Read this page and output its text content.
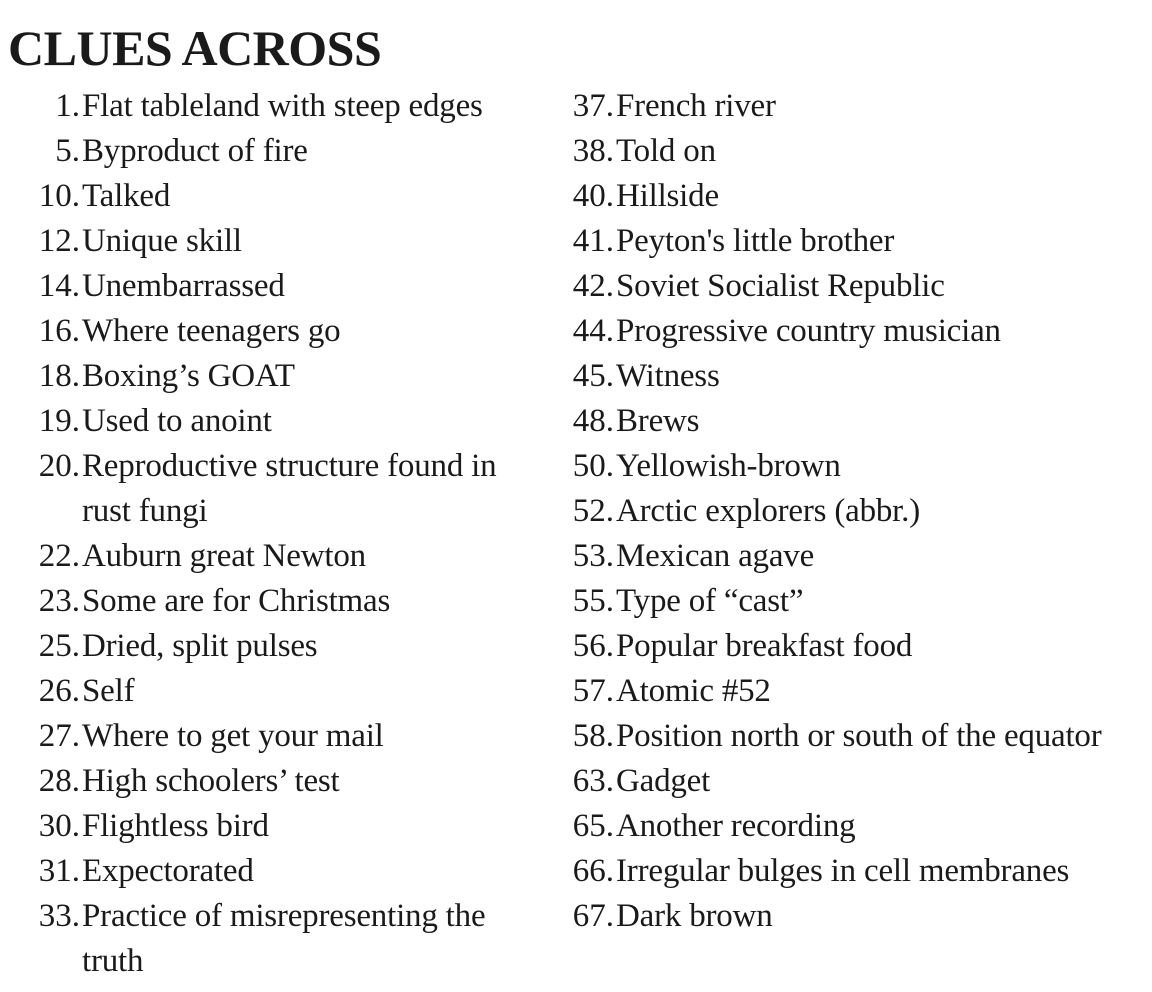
CLUES ACROSS
1. Flat tableland with steep edges
5. Byproduct of fire
10. Talked
12. Unique skill
14. Unembarrassed
16. Where teenagers go
18. Boxing’s GOAT
19. Used to anoint
20. Reproductive structure found in rust fungi
22. Auburn great Newton
23. Some are for Christmas
25. Dried, split pulses
26. Self
27. Where to get your mail
28. High schoolers’ test
30. Flightless bird
31. Expectorated
33. Practice of misrepresenting the truth
37. French river
38. Told on
40. Hillside
41. Peyton's little brother
42. Soviet Socialist Republic
44. Progressive country musician
45. Witness
48. Brews
50. Yellowish-brown
52. Arctic explorers (abbr.)
53. Mexican agave
55. Type of “cast”
56. Popular breakfast food
57. Atomic #52
58. Position north or south of the equator
63. Gadget
65. Another recording
66. Irregular bulges in cell membranes
67. Dark brown
